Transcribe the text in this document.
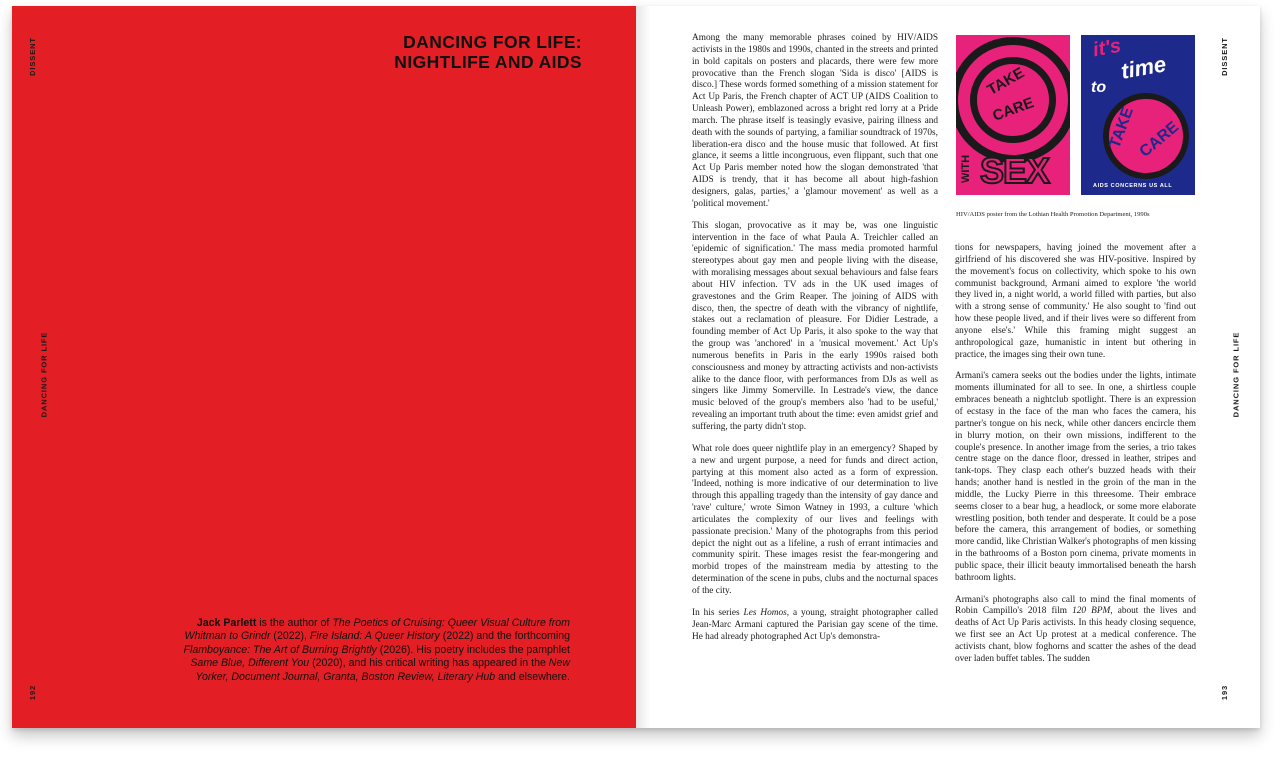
DISSENT
DANCING FOR LIFE
192
DANCING FOR LIFE:
NIGHTLIFE AND AIDS
Jack Parlett is the author of The Poetics of Cruising: Queer Visual Culture from Whitman to Grindr (2022), Fire Island: A Queer History (2022) and the forthcoming Flamboyance: The Art of Burning Brightly (2026). His poetry includes the pamphlet Same Blue, Different You (2020), and his critical writing has appeared in the New Yorker, Document Journal, Granta, Boston Review, Literary Hub and elsewhere.
DISSENT
DANCING FOR LIFE
193

Among the many memorable phrases coined by HIV/AIDS activists in the 1980s and 1990s, chanted in the streets and printed in bold capitals on posters and placards, there were few more provocative than the French slogan 'Sida is disco' [AIDS is disco.] These words formed something of a mission statement for Act Up Paris, the French chapter of ACT UP (AIDS Coalition to Unleash Power), emblazoned across a bright red lorry at a Pride march. The phrase itself is teasingly evasive, pairing illness and death with the sounds of partying, a familiar soundtrack of 1970s, liberation-era disco and the house music that followed. At first glance, it seems a little incongruous, even flippant, such that one Act Up Paris member noted how the slogan demonstrated 'that AIDS is trendy, that it has become all about high-fashion designers, galas, parties,' a 'glamour movement' as well as a 'political movement.'

This slogan, provocative as it may be, was one linguistic intervention in the face of what Paula A. Treichler called an 'epidemic of signification.' The mass media promoted harmful stereotypes about gay men and people living with the disease, with moralising messages about sexual behaviours and false fears about HIV infection. TV ads in the UK used images of gravestones and the Grim Reaper. The joining of AIDS with disco, then, the spectre of death with the vibrancy of nightlife, stakes out a reclamation of pleasure. For Didier Lestrade, a founding member of Act Up Paris, it also spoke to the way that the group was 'anchored' in a 'musical movement.' Act Up's numerous benefits in Paris in the early 1990s raised both consciousness and money by attracting activists and non-activists alike to the dance floor, with performances from DJs as well as singers like Jimmy Somerville. In Lestrade's view, the dance music beloved of the group's members also 'had to be useful,' revealing an important truth about the time: even amidst grief and suffering, the party didn't stop.

What role does queer nightlife play in an emergency? Shaped by a new and urgent purpose, a need for funds and direct action, partying at this moment also acted as a form of expression. 'Indeed, nothing is more indicative of our determination to live through this appalling tragedy than the intensity of gay dance and 'rave' culture,' wrote Simon Watney in 1993, a culture 'which articulates the complexity of our lives and feelings with passionate precision.' Many of the photographs from this period depict the night out as a lifeline, a rush of errant intimacies and community spirit. These images resist the fear-mongering and morbid tropes of the mainstream media by attesting to the determination of the scene in pubs, clubs and the nocturnal spaces of the city.

In his series Les Homos, a young, straight photographer called Jean-Marc Armani captured the Parisian gay scene of the time. He had already photographed Act Up's demonstra-

TAKE
CARE
WITH SEX
it's
time
to
TAKE CARE
AIDS CONCERNS US ALL
HIV/AIDS poster from the Lothian Health Promotion Department, 1990s

tions for newspapers, having joined the movement after a girlfriend of his discovered she was HIV-positive. Inspired by the movement's focus on collectivity, which spoke to his own communist background, Armani aimed to explore 'the world they lived in, a night world, a world filled with parties, but also with a strong sense of community.' He also sought to 'find out how these people lived, and if their lives were so different from anyone else's.' While this framing might suggest an anthropological gaze, humanistic in intent but othering in practice, the images sing their own tune.

Armani's camera seeks out the bodies under the lights, intimate moments illuminated for all to see. In one, a shirtless couple embraces beneath a nightclub spotlight. There is an expression of ecstasy in the face of the man who faces the camera, his partner's tongue on his neck, while other dancers encircle them in blurry motion, on their own missions, indifferent to the couple's presence. In another image from the series, a trio takes centre stage on the dance floor, dressed in leather, stripes and tank-tops. They clasp each other's buzzed heads with their hands; another hand is nestled in the groin of the man in the middle, the Lucky Pierre in this threesome. Their embrace seems closer to a bear hug, a headlock, or some more elaborate wrestling position, both tender and desperate. It could be a pose before the camera, this arrangement of bodies, or something more candid, like Christian Walker's photographs of men kissing in the bathrooms of a Boston porn cinema, private moments in public space, their illicit beauty immortalised beneath the harsh bathroom lights.

Armani's photographs also call to mind the final moments of Robin Campillo's 2018 film 120 BPM, about the lives and deaths of Act Up Paris activists. In this heady closing sequence, we first see an Act Up protest at a medical conference. The activists chant, blow foghorns and scatter the ashes of the dead over laden buffet tables. The sudden
